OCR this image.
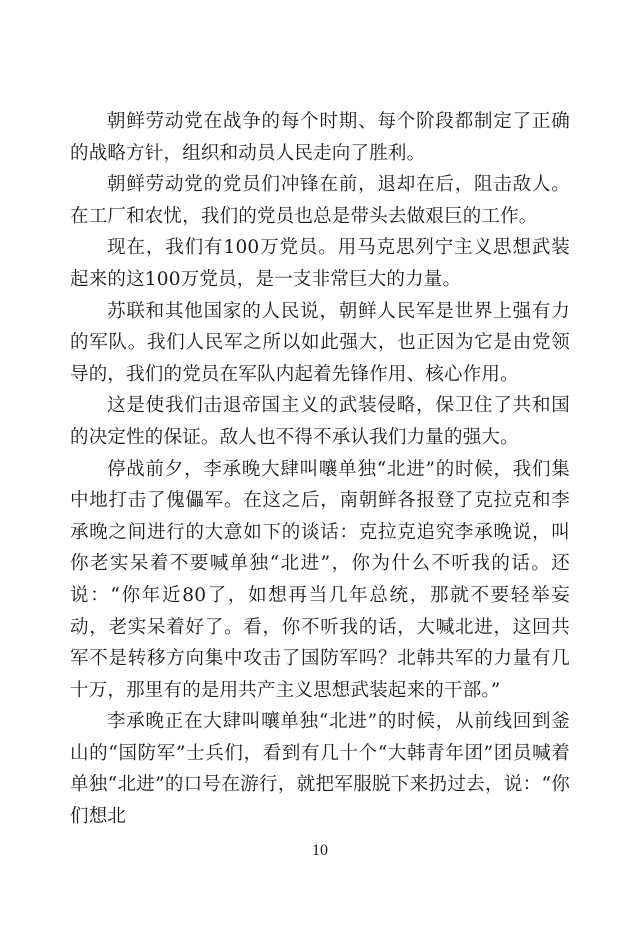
朝鲜劳动党在战争的每个时期、每个阶段都制定了正确的战略方针，组织和动员人民走向了胜利。

朝鲜劳动党的党员们冲锋在前，退却在后，阻击敌人。在工厂和农忧，我们的党员也总是带头去做艰巨的工作。

现在，我们有100万党员。用马克思列宁主义思想武装起来的这100万党员，是一支非常巨大的力量。

苏联和其他国家的人民说，朝鲜人民军是世界上强有力的军队。我们人民军之所以如此强大，也正因为它是由党领导的，我们的党员在军队内起着先锋作用、核心作用。

这是使我们击退帝国主义的武装侵略，保卫住了共和国的决定性的保证。敌人也不得不承认我们力量的强大。

停战前夕，李承晚大肆叫嚷单独“北进”的时候，我们集中地打击了傀儡军。在这之后，南朝鲜各报登了克拉克和李承晚之间进行的大意如下的谈话：克拉克追究李承晚说，叫你老实呆着不要喊单独“北进”，你为什么不听我的话。还说：“你年近80了，如想再当几年总统，那就不要轻举妄动，老实呆着好了。看，你不听我的话，大喊北进，这回共军不是转移方向集中攻击了国防军吗？北韩共军的力量有几十万，那里有的是用共产主义思想武装起来的干部。”

李承晚正在大肆叫嚷单独“北进”的时候，从前线回到釜山的“国防军”士兵们，看到有几十个“大韩青年团”团员喊着单独“北进”的口号在游行，就把军服脱下来扔过去，说：“你们想北

10
